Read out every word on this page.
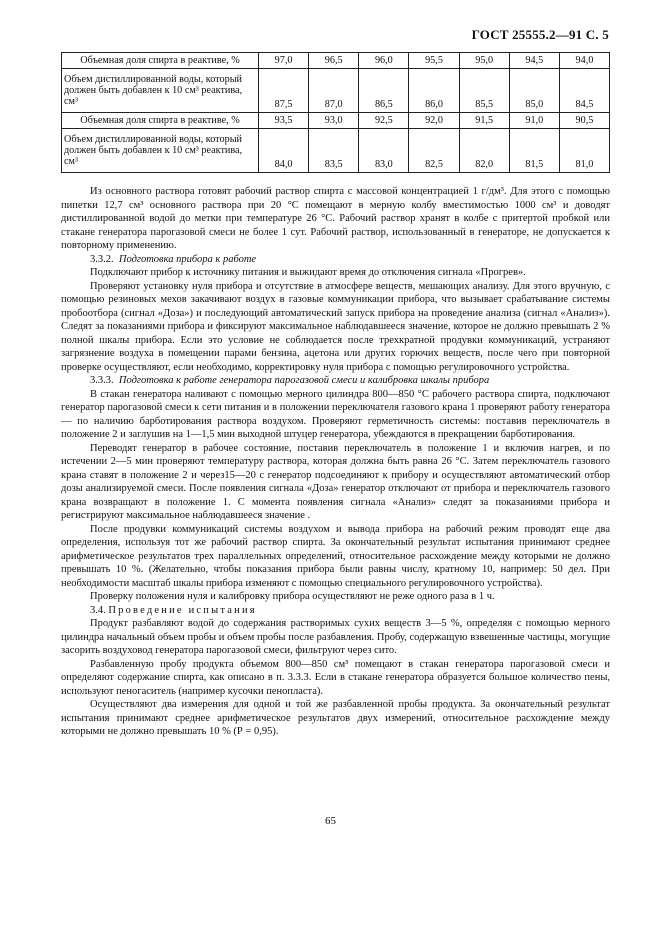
ГОСТ 25555.2—91 С. 5
Объемная доля спирта в реактиве, %	97,0	96,5	96,0	95,5	95,0	94,5	94,0
Объем дистиллированной воды, который должен быть добавлен к 10 см³ реактива, см³	87,5	87,0	86,5	86,0	85,5	85,0	84,5
Объемная доля спирта в реактиве, %	93,5	93,0	92,5	92,0	91,5	91,0	90,5
Объем дистиллированной воды, который должен быть добавлен к 10 см³ реактива, см³	84,0	83,5	83,0	82,5	82,0	81,5	81,0

Из основного раствора готовят рабочий раствор спирта с массовой концентрацией 1 г/дм³. Для этого с помощью пипетки 12,7 см³ основного раствора при 20 °С помещают в мерную колбу вместимостью 1000 см³ и доводят дистиллированной водой до метки при температуре 26 °С. Рабочий раствор хранят в колбе с притертой пробкой или стакане генератора парогазовой смеси не более 1 сут. Рабочий раствор, использованный в генераторе, не допускается к повторному применению.

3.3.2. Подготовка прибора к работе

Подключают прибор к источнику питания и выжидают время до отключения сигнала «Прогрев».

Проверяют установку нуля прибора и отсутствие в атмосфере веществ, мешающих анализу. Для этого вручную, с помощью резиновых мехов закачивают воздух в газовые коммуникации прибора, что вызывает срабатывание системы пробоотбора (сигнал «Доза») и последующий автоматический запуск прибора на проведение анализа (сигнал «Анализ»). Следят за показаниями прибора и фиксируют максимальное наблюдавшееся значение, которое не должно превышать 2 % полной шкалы прибора. Если это условие не соблюдается после трехкратной продувки коммуникаций, устраняют загрязнение воздуха в помещении парами бензина, ацетона или других горючих веществ, после чего при повторной проверке осуществляют, если необходимо, корректировку нуля прибора с помощью регулировочного устройства.

3.3.3. Подготовка к работе генератора парогазовой смеси и калибровка шкалы прибора

В стакан генератора наливают с помощью мерного цилиндра 800—850 °С рабочего раствора спирта, подключают генератор парогазовой смеси к сети питания и в положении переключателя газового крана 1 проверяют работу генератора — по наличию барботирования раствора воздухом. Проверяют герметичность системы: поставив переключатель в положение 2 и заглушив на 1—1,5 мин выходной штуцер генератора, убеждаются в прекращении барботирования.

Переводят генератор в рабочее состояние, поставив переключатель в положение 1 и включив нагрев, и по истечении 2—5 мин проверяют температуру раствора, которая должна быть равна 26 °С. Затем переключатель газового крана ставят в положение 2 и через15—20 с генератор подсоединяют к прибору и осуществляют автоматический отбор дозы анализируемой смеси. После появления сигнала «Доза» генератор отключают от прибора и переключатель газового крана возвращают в положение 1. С момента появления сигнала «Анализ» следят за показаниями прибора и регистрируют максимальное наблюдавшееся значение .

После продувки коммуникаций системы воздухом и вывода прибора на рабочий режим проводят еще два определения, используя тот же рабочий раствор спирта. За окончательный результат испытания принимают среднее арифметическое результатов трех параллельных определений, относительное расхождение между которыми не должно превышать 10 %. (Желательно, чтобы показания прибора были равны числу, кратному 10, например: 50 дел. При необходимости масштаб шкалы прибора изменяют с помощью специального регулировочного устройства).

Проверку положения нуля и калибровку прибора осуществляют не реже одного раза в 1 ч.

3.4. Проведение испытания

Продукт разбавляют водой до содержания растворимых сухих веществ 3—5 %, определяя с помощью мерного цилиндра начальный объем пробы и объем пробы после разбавления. Пробу, содержащую взвешенные частицы, могущие засорить воздуховод генератора парогазовой смеси, фильтруют через сито.

Разбавленную пробу продукта объемом 800—850 см³ помещают в стакан генератора парогазовой смеси и определяют содержание спирта, как описано в п. 3.3.3. Если в стакане генератора образуется большое количество пены, используют пеногаситель (например кусочки пенопласта).

Осуществляют два измерения для одной и той же разбавленной пробы продукта. За окончательный результат испытания принимают среднее арифметическое результатов двух измерений, относительное расхождение между которыми не должно превышать 10 % (Р = 0,95).

65
